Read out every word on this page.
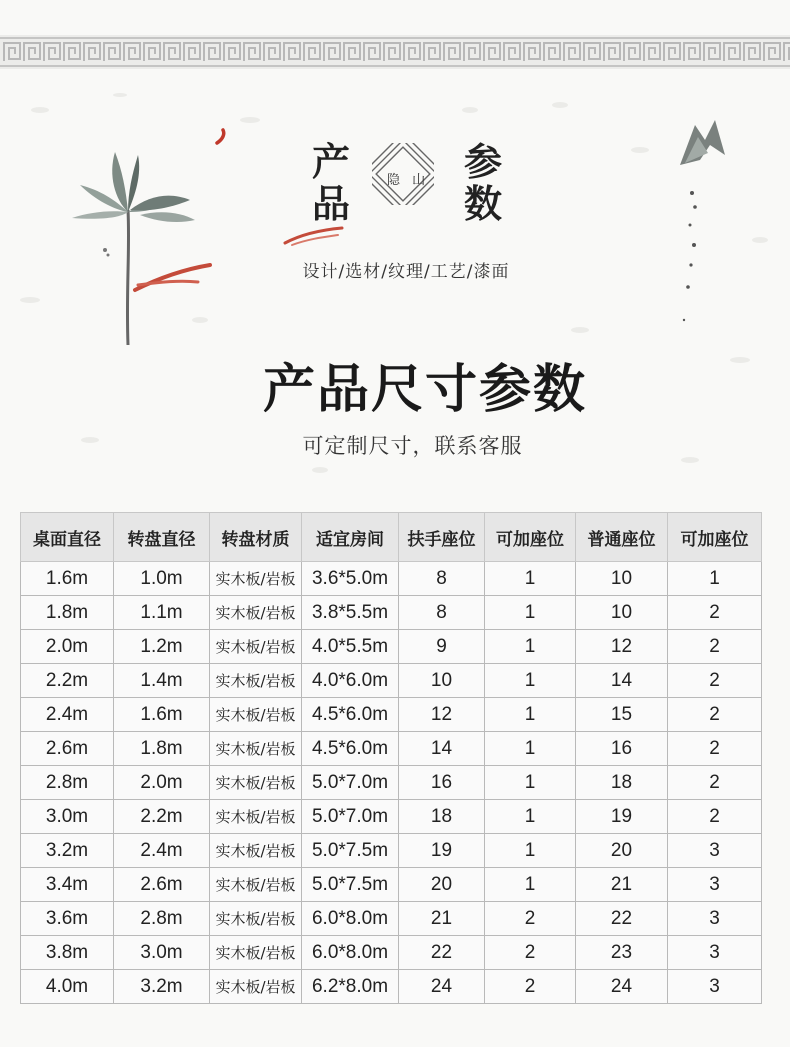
产
品
参
数
隐 山
设计/选材/纹理/工艺/漆面
产品尺寸参数
可定制尺寸，联系客服
桌面直径	转盘直径	转盘材质	适宜房间	扶手座位	可加座位	普通座位	可加座位
1.6m	1.0m	实木板/岩板	3.6*5.0m	8	1	10	1
1.8m	1.1m	实木板/岩板	3.8*5.5m	8	1	10	2
2.0m	1.2m	实木板/岩板	4.0*5.5m	9	1	12	2
2.2m	1.4m	实木板/岩板	4.0*6.0m	10	1	14	2
2.4m	1.6m	实木板/岩板	4.5*6.0m	12	1	15	2
2.6m	1.8m	实木板/岩板	4.5*6.0m	14	1	16	2
2.8m	2.0m	实木板/岩板	5.0*7.0m	16	1	18	2
3.0m	2.2m	实木板/岩板	5.0*7.0m	18	1	19	2
3.2m	2.4m	实木板/岩板	5.0*7.5m	19	1	20	3
3.4m	2.6m	实木板/岩板	5.0*7.5m	20	1	21	3
3.6m	2.8m	实木板/岩板	6.0*8.0m	21	2	22	3
3.8m	3.0m	实木板/岩板	6.0*8.0m	22	2	23	3
4.0m	3.2m	实木板/岩板	6.2*8.0m	24	2	24	3
